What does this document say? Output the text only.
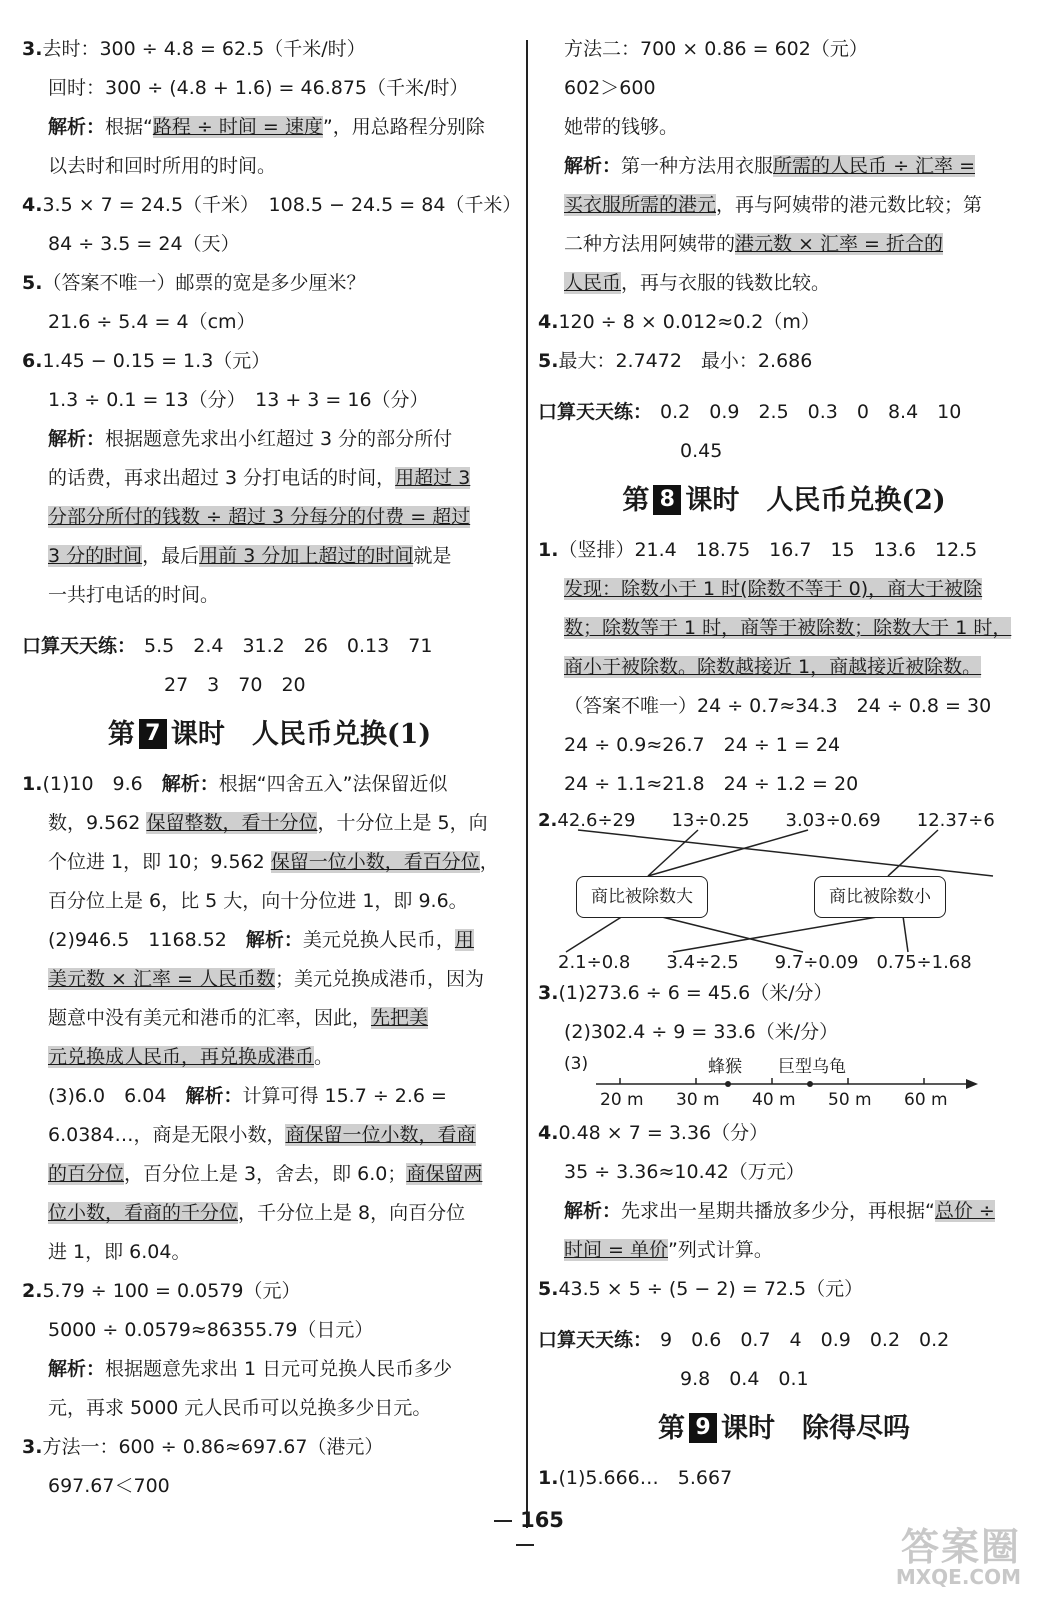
3.去时：300 ÷ 4.8 = 62.5（千米/时）
回时：300 ÷ (4.8 + 1.6) = 46.875（千米/时）
解析：根据“路程 ÷ 时间 = 速度”，用总路程分别除
以去时和回时所用的时间。
4.3.5 × 7 = 24.5（千米）　108.5 − 24.5 = 84（千米）
84 ÷ 3.5 = 24（天）
5.（答案不唯一）邮票的宽是多少厘米？
21.6 ÷ 5.4 = 4（cm）
6.1.45 − 0.15 = 1.3（元）
1.3 ÷ 0.1 = 13（分）　13 + 3 = 16（分）
解析：根据题意先求出小红超过 3 分的部分所付
的话费，再求出超过 3 分打电话的时间，用超过 3
分部分所付的钱数 ÷ 超过 3 分每分的付费 = 超过
3 分的时间，最后用前 3 分加上超过的时间就是
一共打电话的时间。
口算天天练： 5.5　2.4　31.2　26　0.13　71
27　3　70　20
第 7 课时　人民币兑换(1)
1.(1)10　9.6　解析：根据“四舍五入”法保留近似
数，9.562 保留整数，看十分位，十分位上是 5，向
个位进 1，即 10；9.562 保留一位小数，看百分位，
百分位上是 6，比 5 大，向十分位进 1，即 9.6。
(2)946.5　1168.52　解析：美元兑换人民币，用
美元数 × 汇率 = 人民币数；美元兑换成港币，因为
题意中没有美元和港币的汇率，因此，先把美
元兑换成人民币，再兑换成港币。
(3)6.0　6.04　解析：计算可得 15.7 ÷ 2.6 =
6.0384…，商是无限小数，商保留一位小数，看商
的百分位，百分位上是 3，舍去，即 6.0；商保留两
位小数，看商的千分位，千分位上是 8，向百分位
进 1，即 6.04。
2.5.79 ÷ 100 = 0.0579（元）
5000 ÷ 0.0579≈86355.79（日元）
解析：根据题意先求出 1 日元可兑换人民币多少
元，再求 5000 元人民币可以兑换多少日元。
3.方法一：600 ÷ 0.86≈697.67（港元）
697.67＜700
方法二：700 × 0.86 = 602（元）
602＞600
她带的钱够。
解析：第一种方法用衣服所需的人民币 ÷ 汇率 =
买衣服所需的港元，再与阿姨带的港元数比较；第
二种方法用阿姨带的港元数 × 汇率 = 折合的
人民币，再与衣服的钱数比较。
4.120 ÷ 8 × 0.012≈0.2（m）
5.最大：2.7472　最小：2.686
口算天天练： 0.2　0.9　2.5　0.3　0　8.4　10
0.45
第 8 课时　人民币兑换(2)
1.（竖排）21.4　18.75　16.7　15　13.6　12.5
发现：除数小于 1 时(除数不等于 0)，商大于被除
数；除数等于 1 时，商等于被除数；除数大于 1 时，
商小于被除数。除数越接近 1，商越接近被除数。
（答案不唯一）24 ÷ 0.7≈34.3　24 ÷ 0.8 = 30
24 ÷ 0.9≈26.7　24 ÷ 1 = 24
24 ÷ 1.1≈21.8　24 ÷ 1.2 = 20
2.42.6÷29　　13÷0.25　　3.03÷0.69　　12.37÷6
商比被除数大	商比被除数小
2.1÷0.8　　3.4÷2.5　　9.7÷0.09　0.75÷1.68
3.(1)273.6 ÷ 6 = 45.6（米/分）
(2)302.4 ÷ 9 = 33.6（米/分）
(3)	蜂猴 巨型乌龟
20 m 30 m 40 m 50 m 60 m
4.0.48 × 7 = 3.36（分）
35 ÷ 3.36≈10.42（万元）
解析：先求出一星期共播放多少分，再根据“总价 ÷
时间 = 单价”列式计算。
5.43.5 × 5 ÷ (5 − 2) = 72.5（元）
口算天天练： 9　0.6　0.7　4　0.9　0.2　0.2
9.8　0.4　0.1
第 9 课时　除得尽吗
1.(1)5.666…　5.667
165
答案圈
MXQE.COM
